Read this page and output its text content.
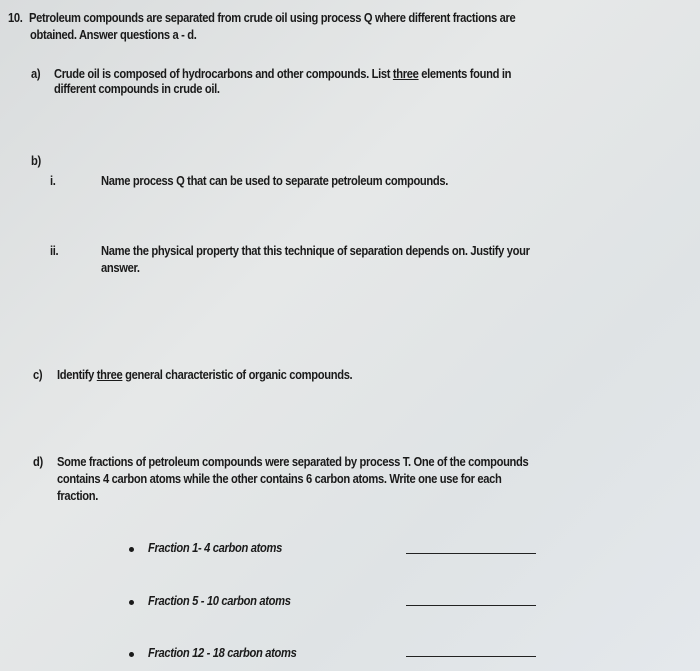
10. Petroleum compounds are separated from crude oil using process Q where different fractions are
obtained. Answer questions a - d.
a) Crude oil is composed of hydrocarbons and other compounds. List three elements found in
different compounds in crude oil.
b)
i.	Name process Q that can be used to separate petroleum compounds.
ii.	Name the physical property that this technique of separation depends on. Justify your
answer.
c) Identify three general characteristic of organic compounds.
d) Some fractions of petroleum compounds were separated by process T. One of the compounds
contains 4 carbon atoms while the other contains 6 carbon atoms. Write one use for each
fraction.
Fraction 1- 4 carbon atoms
Fraction 5 - 10 carbon atoms
Fraction 12 - 18 carbon atoms
